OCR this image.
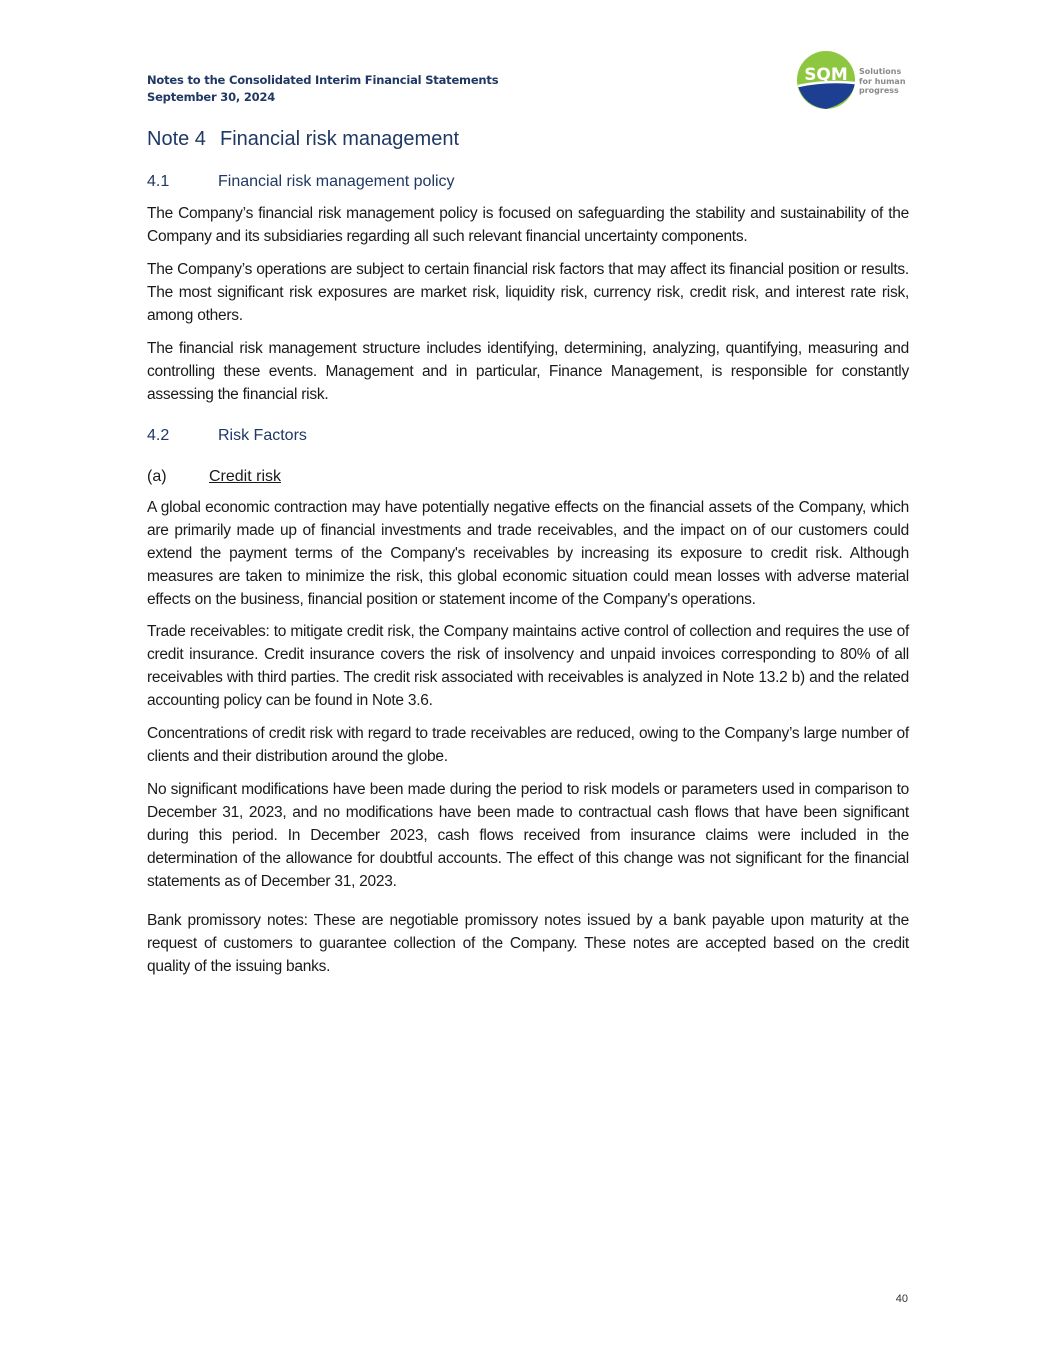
Notes to the Consolidated Interim Financial Statements
September 30, 2024
SQM Solutions
for human
progress
Note 4 Financial risk management
4.1	Financial risk management policy

The Company’s financial risk management policy is focused on safeguarding the stability and sustainability of the Company and its subsidiaries regarding all such relevant financial uncertainty components.

The Company’s operations are subject to certain financial risk factors that may affect its financial position or results. The most significant risk exposures are market risk, liquidity risk, currency risk, credit risk, and interest rate risk, among others.

The financial risk management structure includes identifying, determining, analyzing, quantifying, measuring and controlling these events. Management and in particular, Finance Management, is responsible for constantly assessing the financial risk.

4.2	Risk Factors
(a)	Credit risk

A global economic contraction may have potentially negative effects on the financial assets of the Company, which are primarily made up of financial investments and trade receivables, and the impact on of our customers could extend the payment terms of the Company's receivables by increasing its exposure to credit risk. Although measures are taken to minimize the risk, this global economic situation could mean losses with adverse material effects on the business, financial position or statement income of the Company's operations.

Trade receivables: to mitigate credit risk, the Company maintains active control of collection and requires the use of credit insurance. Credit insurance covers the risk of insolvency and unpaid invoices corresponding to 80% of all receivables with third parties. The credit risk associated with receivables is analyzed in Note 13.2 b) and the related accounting policy can be found in Note 3.6.

Concentrations of credit risk with regard to trade receivables are reduced, owing to the Company’s large number of clients and their distribution around the globe.

No significant modifications have been made during the period to risk models or parameters used in comparison to December 31, 2023, and no modifications have been made to contractual cash flows that have been significant during this period. In December 2023, cash flows received from insurance claims were included in the determination of the allowance for doubtful accounts. The effect of this change was not significant for the financial statements as of December 31, 2023.

Bank promissory notes: These are negotiable promissory notes issued by a bank payable upon maturity at the request of customers to guarantee collection of the Company. These notes are accepted based on the credit quality of the issuing banks.

40
